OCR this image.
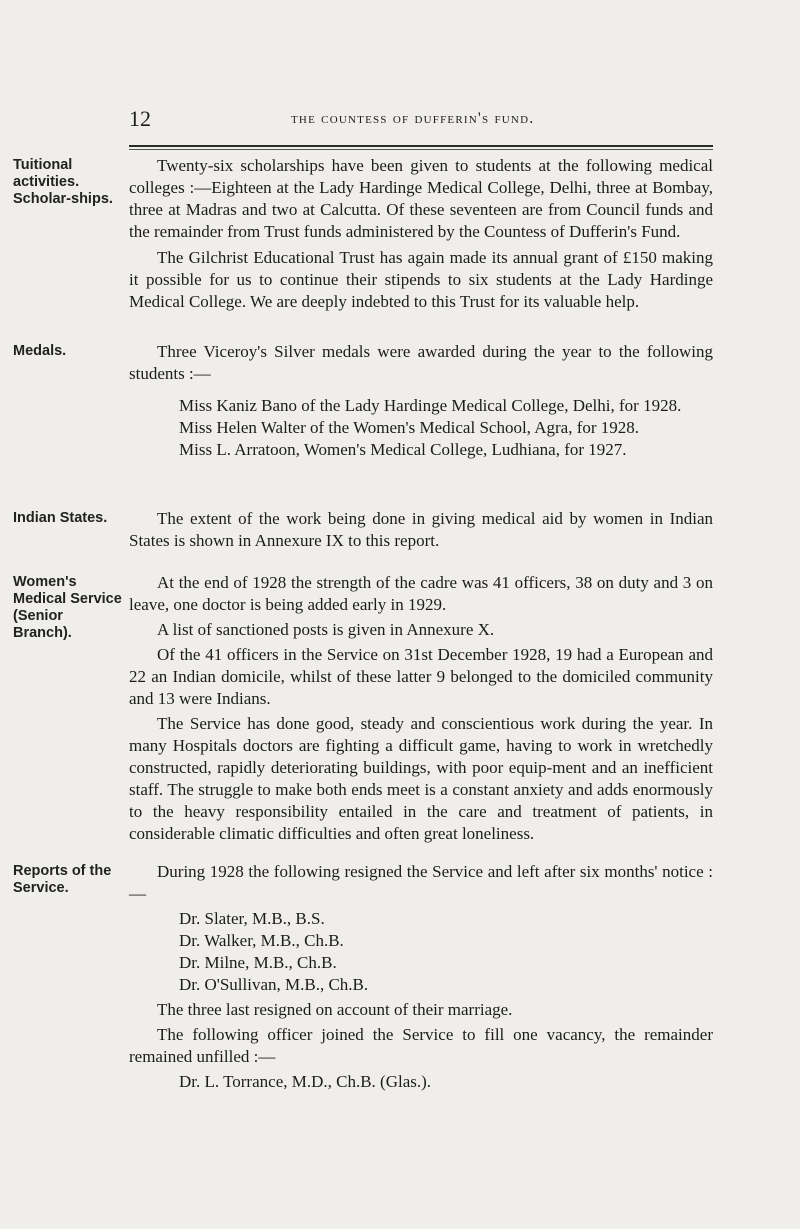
12	the countess of dufferin's fund.
Tuitional activities. Scholar-ships.
Medals.
Indian States.
Women's Medical Service (Senior Branch).
Reports of the Service.

Twenty-six scholarships have been given to students at the following medical colleges :—Eighteen at the Lady Hardinge Medical College, Delhi, three at Bombay, three at Madras and two at Calcutta. Of these seventeen are from Council funds and the remainder from Trust funds administered by the Countess of Dufferin's Fund.

The Gilchrist Educational Trust has again made its annual grant of £150 making it possible for us to continue their stipends to six students at the Lady Hardinge Medical College. We are deeply indebted to this Trust for its valuable help.

Three Viceroy's Silver medals were awarded during the year to the following students :—

Miss Kaniz Bano of the Lady Hardinge Medical College, Delhi, for 1928.

Miss Helen Walter of the Women's Medical School, Agra, for 1928.

Miss L. Arratoon, Women's Medical College, Ludhiana, for 1927.

The extent of the work being done in giving medical aid by women in Indian States is shown in Annexure IX to this report.

At the end of 1928 the strength of the cadre was 41 officers, 38 on duty and 3 on leave, one doctor is being added early in 1929.

A list of sanctioned posts is given in Annexure X.

Of the 41 officers in the Service on 31st December 1928, 19 had a European and 22 an Indian domicile, whilst of these latter 9 belonged to the domiciled community and 13 were Indians.

The Service has done good, steady and conscientious work during the year. In many Hospitals doctors are fighting a difficult game, having to work in wretchedly constructed, rapidly deteriorating buildings, with poor equip-ment and an inefficient staff. The struggle to make both ends meet is a constant anxiety and adds enormously to the heavy responsibility entailed in the care and treatment of patients, in considerable climatic difficulties and often great loneliness.

During 1928 the following resigned the Service and left after six months' notice :—

Dr. Slater, M.B., B.S.

Dr. Walker, M.B., Ch.B.

Dr. Milne, M.B., Ch.B.

Dr. O'Sullivan, M.B., Ch.B.

The three last resigned on account of their marriage.

The following officer joined the Service to fill one vacancy, the remainder remained unfilled :—

Dr. L. Torrance, M.D., Ch.B. (Glas.).
